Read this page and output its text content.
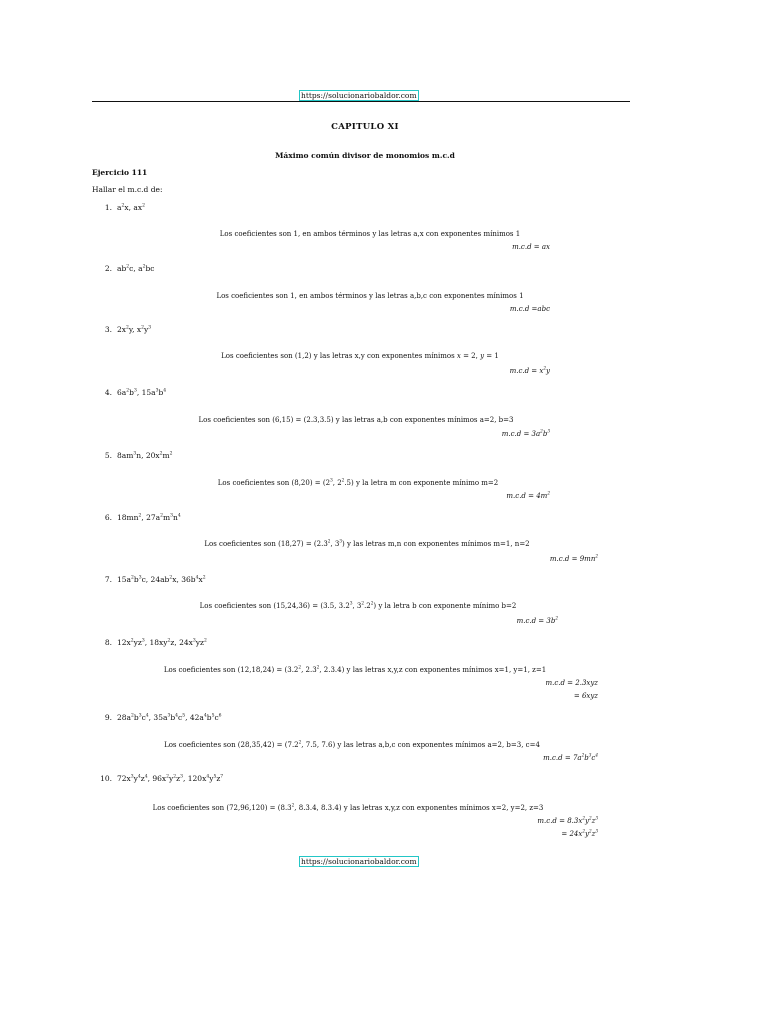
https://solucionariobaldor.com
CAPITULO XI
Máximo común divisor de monomios m.c.d
Ejercicio 111
Hallar el m.c.d de:
1. $a^2x$, $ax^2$
Los coeficientes son 1, en ambos términos y las letras a,x con exponentes mínimos 1
m.c.d = ax
2. $ab^2c$, $a^2bc$
Los coeficientes son 1, en ambos términos y las letras a,b,c con exponentes mínimos 1
m.c.d =abc
3. $2x^2y$, $x^2y^3$
Los coeficientes son (1,2) y las letras x,y con exponentes mínimos x = 2, y = 1
$m.c.d = x^2y$
4. $6a^2b^3$, $15a^3b^4$
Los coeficientes son (6,15) = (2.3,3.5) y las letras a,b con exponentes mínimos a=2, b=3
$m.c.d = 3a^2b^3$
5. $8am^3n$, $20x^2m^2$
Los coeficientes son $(8,20) = (2^3$, $2^2.5$) y la letra m con exponente mínimo m=2
$m.c.d = 4m^2$
6. $18mn^2$, $27a^2m^3n^4$
Los coeficientes son $(18,27) = (2.3^2$, $3^3$) y las letras m,n con exponentes mínimos m=1, n=2
$m.c.d = 9mn^2$
7. $15a^2b^3c$, $24ab^2x$, $36b^4x^2$
Los coeficientes son (15,24,36) = (3.5, $3.2^3$, $3^2.2^2$) y la letra b con exponente mínimo b=2
$m.c.d = 3b^2$
8. $12x^2yz^3$, $18xy^2z$, $24x^3yz^2$
Los coeficientes son $(12,18,24) = (3.2^2$, $2.3^2$, 2.3.4) y las letras x,y,z con exponentes mínimos x=1, y=1, z=1
m.c.d = 2.3xyz
= 6xyz
9. $28a^2b^3c^4$, $35a^3b^4c^5$, $42a^4b^5c^6$
Los coeficientes son $(28,35,42) = (7.2^2$, 7.5, 7.6) y las letras a,b,c con exponentes mínimos a=2, b=3, c=4
$m.c.d = 7a^2b^3c^4$
10. $72x^3y^4z^4$, $96x^2y^2z^3$, $120x^4y^5z^7$
Los coeficientes son $(72,96,120) = (8.3^2$, 8.3.4, 8.3.4) y las letras x,y,z con exponentes mínimos x=2, y=2, z=3
$m.c.d = 8.3x^2y^2z^3$
= $24x^2y^2z^3$
https://solucionariobaldor.com
